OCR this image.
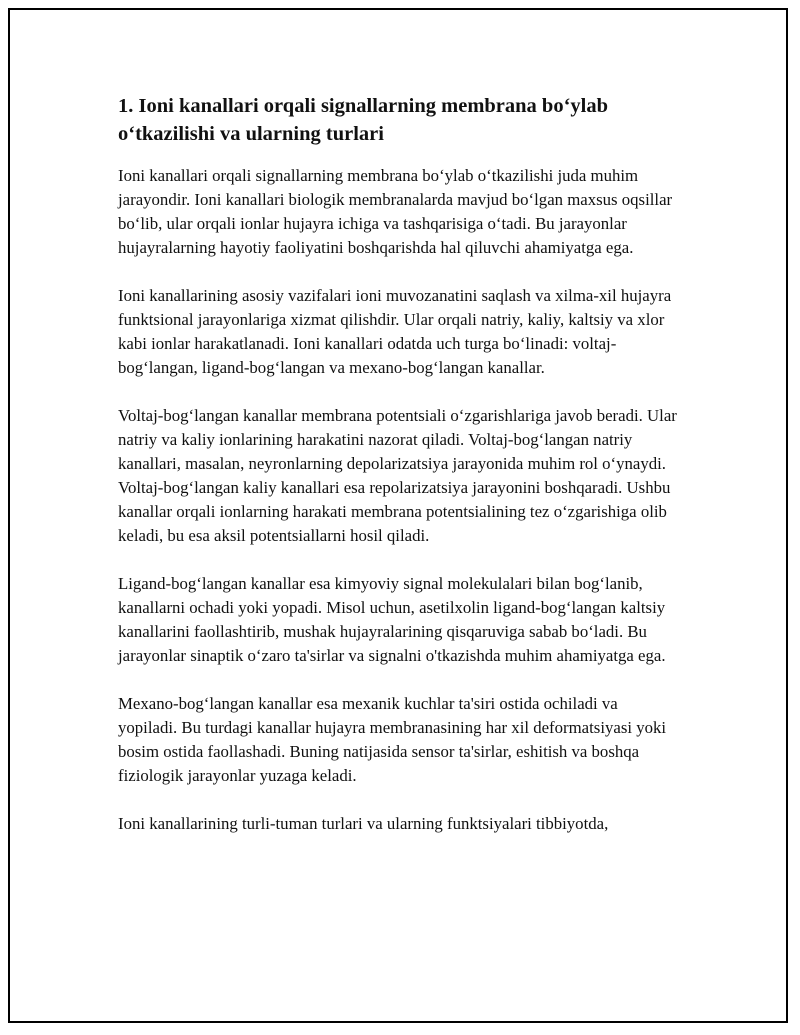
1. Ioni kanallari orqali signallarning membrana bo‘ylab o‘tkazilishi va ularning turlari

Ioni kanallari orqali signallarning membrana bo‘ylab o‘tkazilishi juda muhim jarayondir. Ioni kanallari biologik membranalarda mavjud bo‘lgan maxsus oqsillar bo‘lib, ular orqali ionlar hujayra ichiga va tashqarisiga o‘tadi. Bu jarayonlar hujayralarning hayotiy faoliyatini boshqarishda hal qiluvchi ahamiyatga ega.

Ioni kanallarining asosiy vazifalari ioni muvozanatini saqlash va xilma-xil hujayra funktsional jarayonlariga xizmat qilishdir. Ular orqali natriy, kaliy, kaltsiy va xlor kabi ionlar harakatlanadi. Ioni kanallari odatda uch turga bo‘linadi: voltaj-bog‘langan, ligand-bog‘langan va mexano-bog‘langan kanallar.

Voltaj-bog‘langan kanallar membrana potentsiali o‘zgarishlariga javob beradi. Ular natriy va kaliy ionlarining harakatini nazorat qiladi. Voltaj-bog‘langan natriy kanallari, masalan, neyronlarning depolarizatsiya jarayonida muhim rol o‘ynaydi. Voltaj-bog‘langan kaliy kanallari esa repolarizatsiya jarayonini boshqaradi. Ushbu kanallar orqali ionlarning harakati membrana potentsialining tez o‘zgarishiga olib keladi, bu esa aksil potentsiallarni hosil qiladi.

Ligand-bog‘langan kanallar esa kimyoviy signal molekulalari bilan bog‘lanib, kanallarni ochadi yoki yopadi. Misol uchun, asetilxolin ligand-bog‘langan kaltsiy kanallarini faollashtirib, mushak hujayralarining qisqaruviga sabab bo‘ladi. Bu jarayonlar sinaptik o‘zaro ta'sirlar va signalni o'tkazishda muhim ahamiyatga ega.

Mexano-bog‘langan kanallar esa mexanik kuchlar ta'siri ostida ochiladi va yopiladi. Bu turdagi kanallar hujayra membranasining har xil deformatsiyasi yoki bosim ostida faollashadi. Buning natijasida sensor ta'sirlar, eshitish va boshqa fiziologik jarayonlar yuzaga keladi.

Ioni kanallarining turli-tuman turlari va ularning funktsiyalari tibbiyotda,
